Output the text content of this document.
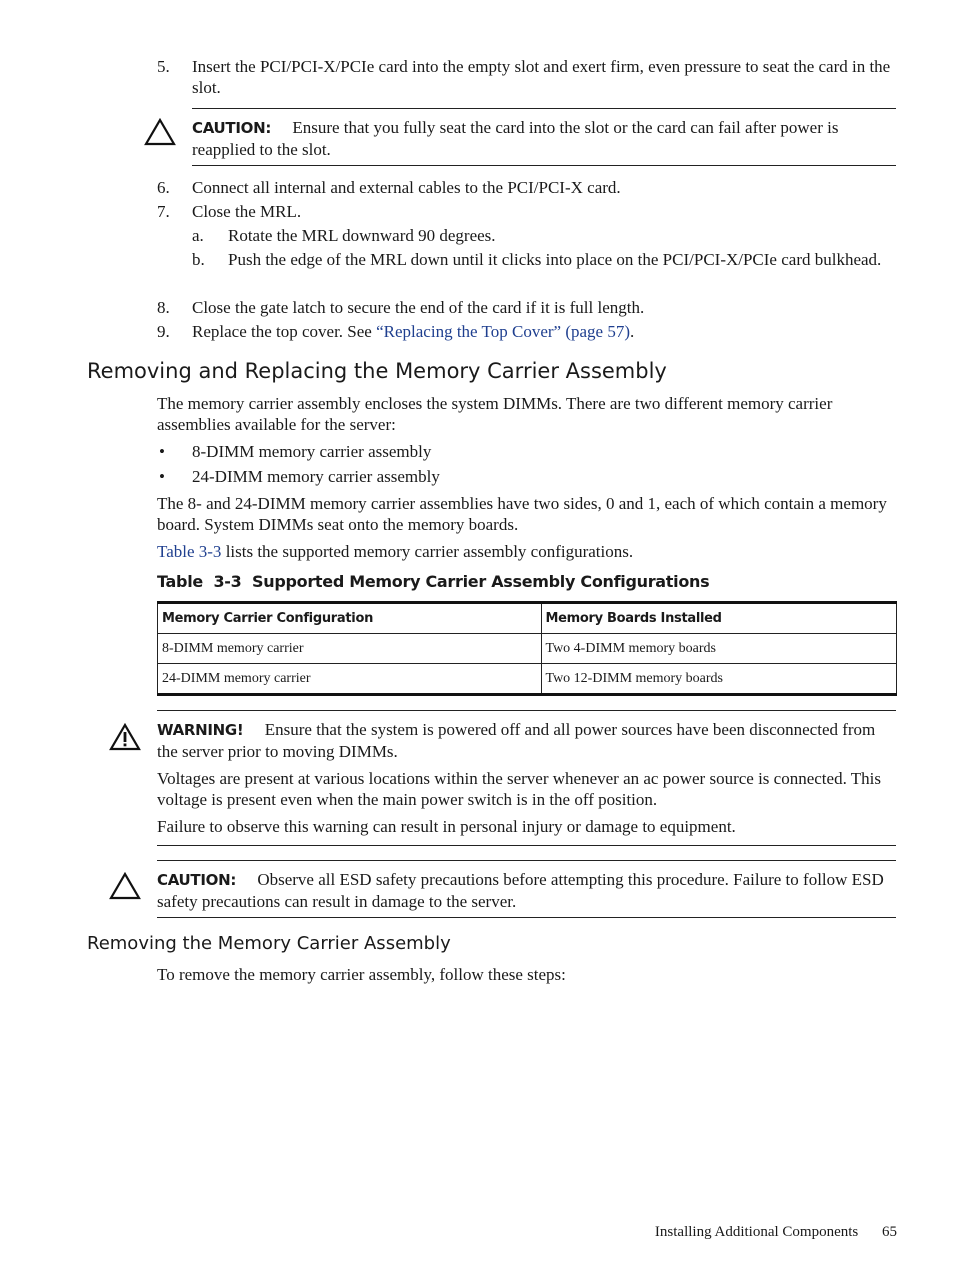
5.	Insert the PCI/PCI-X/PCIe card into the empty slot and exert firm, even pressure to seat the card in the slot.
CAUTION: Ensure that you fully seat the card into the slot or the card can fail after power is reapplied to the slot.
6.	Connect all internal and external cables to the PCI/PCI-X card.
7.	Close the MRL.
a.	Rotate the MRL downward 90 degrees.
b.	Push the edge of the MRL down until it clicks into place on the PCI/PCI-X/PCIe card bulkhead.
8.	Close the gate latch to secure the end of the card if it is full length.
9.	Replace the top cover. See “Replacing the Top Cover” (page 57).
Removing and Replacing the Memory Carrier Assembly
The memory carrier assembly encloses the system DIMMs. There are two different memory carrier assemblies available for the server:
• 8-DIMM memory carrier assembly
• 24-DIMM memory carrier assembly
The 8- and 24-DIMM memory carrier assemblies have two sides, 0 and 1, each of which contain a memory board. System DIMMs seat onto the memory boards.
Table 3-3 lists the supported memory carrier assembly configurations.
Table  3-3  Supported Memory Carrier Assembly Configurations
Memory Carrier Configuration	Memory Boards Installed
8-DIMM memory carrier	Two 4-DIMM memory boards
24-DIMM memory carrier	Two 12-DIMM memory boards
WARNING! Ensure that the system is powered off and all power sources have been disconnected from the server prior to moving DIMMs.
Voltages are present at various locations within the server whenever an ac power source is connected. This voltage is present even when the main power switch is in the off position.
Failure to observe this warning can result in personal injury or damage to equipment.
CAUTION: Observe all ESD safety precautions before attempting this procedure. Failure to follow ESD safety precautions can result in damage to the server.
Removing the Memory Carrier Assembly
To remove the memory carrier assembly, follow these steps:
Installing Additional Components 65
